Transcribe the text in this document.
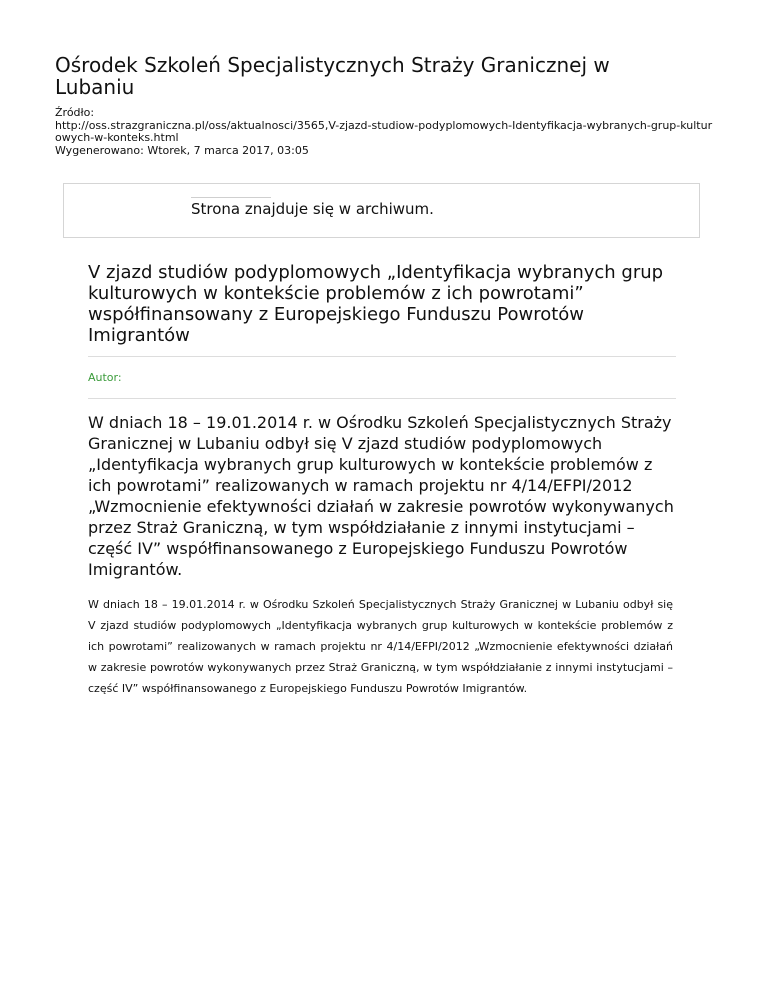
Ośrodek Szkoleń Specjalistycznych Straży Granicznej w Lubaniu
Źródło:
http://oss.strazgraniczna.pl/oss/aktualnosci/3565,V-zjazd-studiow-podyplomowych-Identyfikacja-wybranych-grup-kulturowych-w-konteks.html
Wygenerowano: Wtorek, 7 marca 2017, 03:05
Strona znajduje się w archiwum.
V zjazd studiów podyplomowych „Identyfikacja wybranych grup kulturowych w kontekście problemów z ich powrotami” współfinansowany z Europejskiego Funduszu Powrotów Imigrantów
Autor:

W dniach 18 – 19.01.2014 r. w Ośrodku Szkoleń Specjalistycznych Straży Granicznej w Lubaniu odbył się V zjazd studiów podyplomowych „Identyfikacja wybranych grup kulturowych w kontekście problemów z ich powrotami” realizowanych w ramach projektu nr 4/14/EFPI/2012 „Wzmocnienie efektywności działań w zakresie powrotów wykonywanych przez Straż Graniczną, w tym współdziałanie z innymi instytucjami – część IV” współfinansowanego z Europejskiego Funduszu Powrotów Imigrantów.

W dniach 18 – 19.01.2014 r. w Ośrodku Szkoleń Specjalistycznych Straży Granicznej w Lubaniu odbył się V zjazd studiów podyplomowych „Identyfikacja wybranych grup kulturowych w kontekście problemów z ich powrotami” realizowanych w ramach projektu nr 4/14/EFPI/2012 „Wzmocnienie efektywności działań w zakresie powrotów wykonywanych przez Straż Graniczną, w tym współdziałanie z innymi instytucjami – część IV” współfinansowanego z Europejskiego Funduszu Powrotów Imigrantów.
